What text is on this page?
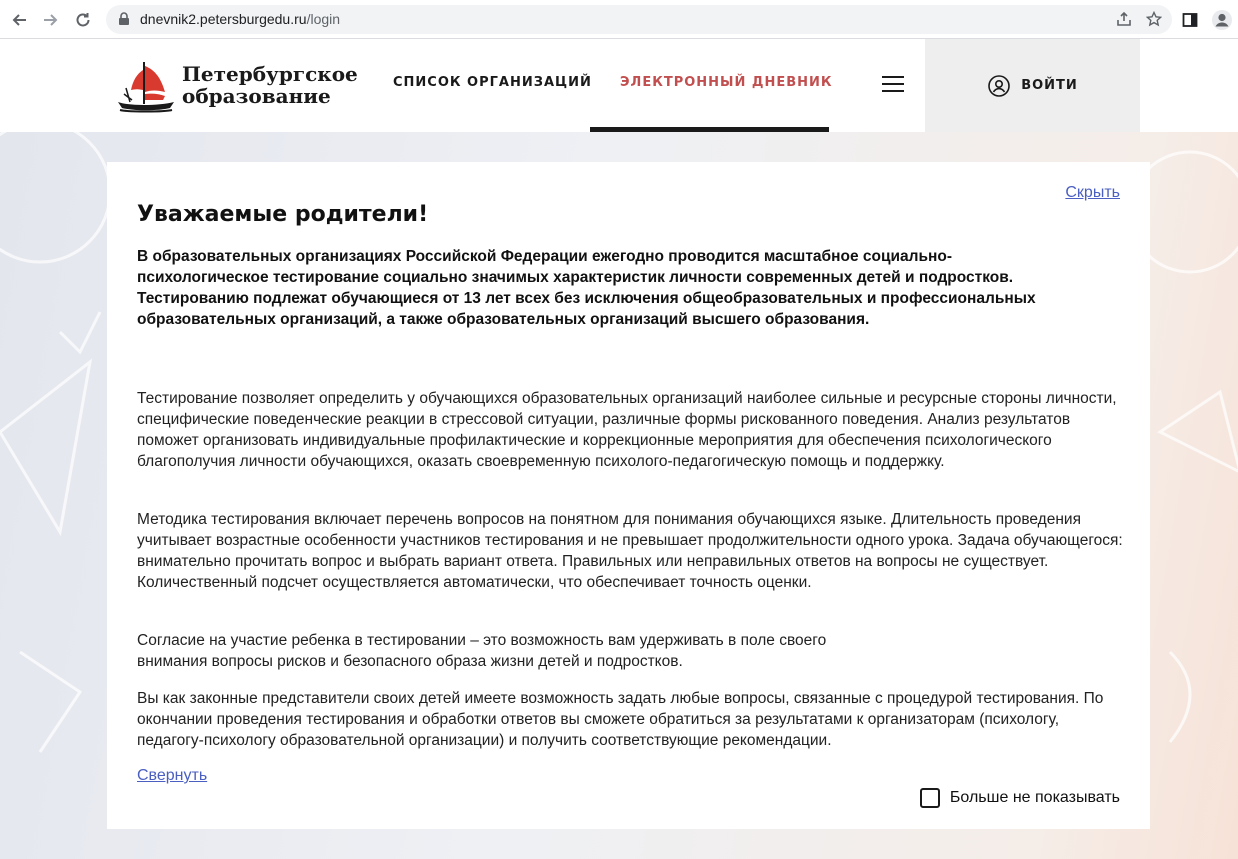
dnevnik2.petersburgedu.ru/login
Петербургское
образование
СПИСОК ОРГАНИЗАЦИЙ ЭЛЕКТРОННЫЙ ДНЕВНИК	ВОЙТИ
Скрыть
Уважаемые родители!
В образовательных организациях Российской Федерации ежегодно проводится масштабное социально-психологическое тестирование социально значимых характеристик личности современных детей и подростков. Тестированию подлежат обучающиеся от 13 лет всех без исключения общеобразовательных и профессиональных образовательных организаций, а также образовательных организаций высшего образования.
Тестирование позволяет определить у обучающихся образовательных организаций наиболее сильные и ресурсные стороны личности, специфические поведенческие реакции в стрессовой ситуации, различные формы рискованного поведения. Анализ результатов поможет организовать индивидуальные профилактические и коррекционные мероприятия для обеспечения психологического благополучия личности обучающихся, оказать своевременную психолого-педагогическую помощь и поддержку.
Методика тестирования включает перечень вопросов на понятном для понимания обучающихся языке. Длительность проведения учитывает возрастные особенности участников тестирования и не превышает продолжительности одного урока. Задача обучающегося: внимательно прочитать вопрос и выбрать вариант ответа. Правильных или неправильных ответов на вопросы не существует. Количественный подсчет осуществляется автоматически, что обеспечивает точность оценки.
Согласие на участие ребенка в тестировании – это возможность вам удерживать в поле своего внимания вопросы рисков и безопасного образа жизни детей и подростков.
Вы как законные представители своих детей имеете возможность задать любые вопросы, связанные с процедурой тестирования. По окончании проведения тестирования и обработки ответов вы сможете обратиться за результатами к организаторам (психологу, педагогу-психологу образовательной организации) и получить соответствующие рекомендации.
Свернуть
Больше не показывать
